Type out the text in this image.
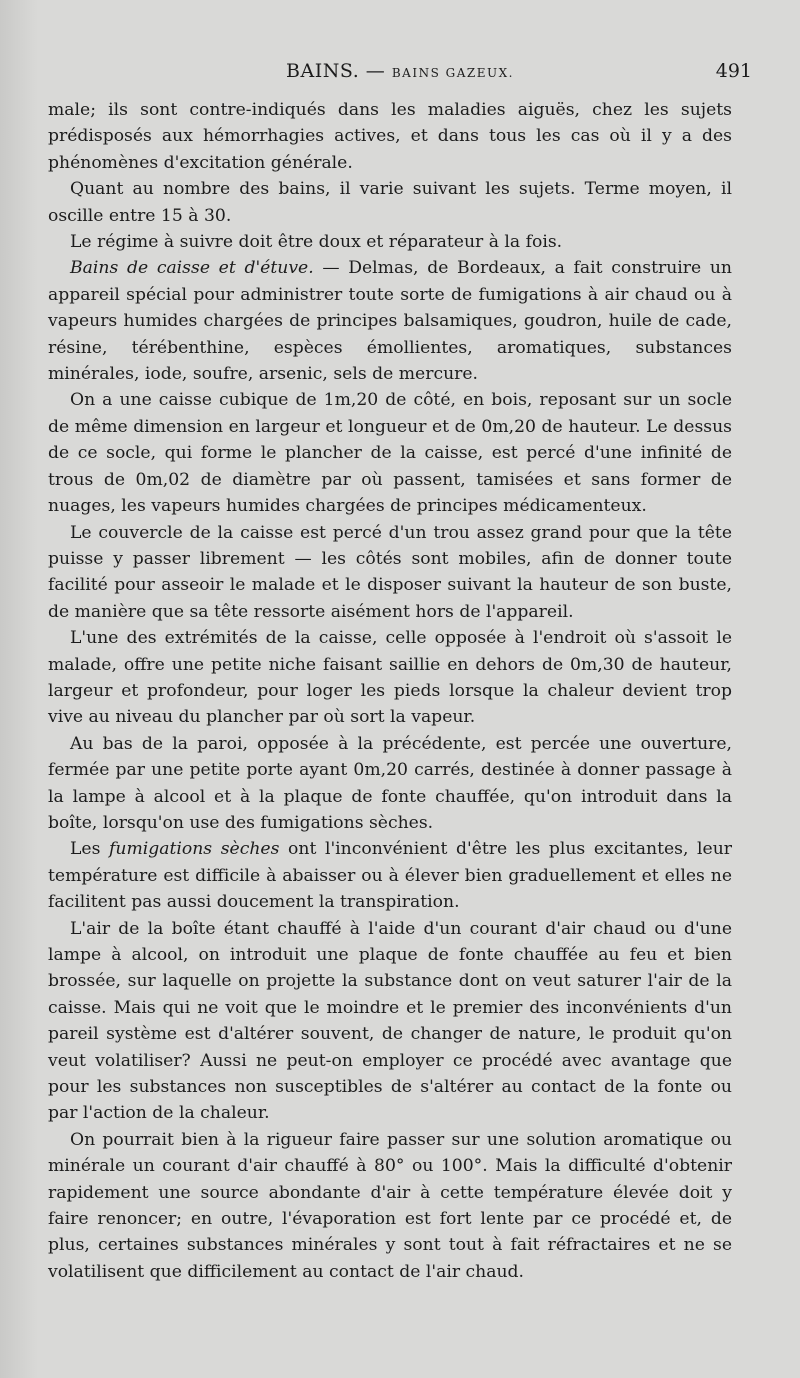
BAINS. — BAINS GAZEUX.	491

male; ils sont contre-indiqués dans les maladies aiguës, chez les sujets prédisposés aux hémorrhagies actives, et dans tous les cas où il y a des phénomènes d'excitation générale.

Quant au nombre des bains, il varie suivant les sujets. Terme moyen, il oscille entre 15 à 30.

Le régime à suivre doit être doux et réparateur à la fois.

Bains de caisse et d'étuve. — Delmas, de Bordeaux, a fait construire un appareil spécial pour administrer toute sorte de fumigations à air chaud ou à vapeurs humides chargées de principes balsamiques, goudron, huile de cade, résine, térébenthine, espèces émollientes, aromatiques, substances minérales, iode, soufre, arsenic, sels de mercure.

On a une caisse cubique de 1m,20 de côté, en bois, reposant sur un socle de même dimension en largeur et longueur et de 0m,20 de hauteur. Le dessus de ce socle, qui forme le plancher de la caisse, est percé d'une infinité de trous de 0m,02 de diamètre par où passent, tamisées et sans former de nuages, les vapeurs humides chargées de principes médicamenteux.

Le couvercle de la caisse est percé d'un trou assez grand pour que la tête puisse y passer librement — les côtés sont mobiles, afin de donner toute facilité pour asseoir le malade et le disposer suivant la hauteur de son buste, de manière que sa tête ressorte aisément hors de l'appareil.

L'une des extrémités de la caisse, celle opposée à l'endroit où s'assoit le malade, offre une petite niche faisant saillie en dehors de 0m,30 de hauteur, largeur et profondeur, pour loger les pieds lorsque la chaleur devient trop vive au niveau du plancher par où sort la vapeur.

Au bas de la paroi, opposée à la précédente, est percée une ouverture, fermée par une petite porte ayant 0m,20 carrés, destinée à donner passage à la lampe à alcool et à la plaque de fonte chauffée, qu'on introduit dans la boîte, lorsqu'on use des fumigations sèches.

Les fumigations sèches ont l'inconvénient d'être les plus excitantes, leur température est difficile à abaisser ou à élever bien graduellement et elles ne facilitent pas aussi doucement la transpiration.

L'air de la boîte étant chauffé à l'aide d'un courant d'air chaud ou d'une lampe à alcool, on introduit une plaque de fonte chauffée au feu et bien brossée, sur laquelle on projette la substance dont on veut saturer l'air de la caisse. Mais qui ne voit que le moindre et le premier des inconvénients d'un pareil système est d'altérer souvent, de changer de nature, le produit qu'on veut volatiliser? Aussi ne peut-on employer ce procédé avec avantage que pour les substances non susceptibles de s'altérer au contact de la fonte ou par l'action de la chaleur.

On pourrait bien à la rigueur faire passer sur une solution aromatique ou minérale un courant d'air chauffé à 80° ou 100°. Mais la difficulté d'obtenir rapidement une source abondante d'air à cette température élevée doit y faire renoncer; en outre, l'évaporation est fort lente par ce procédé et, de plus, certaines substances minérales y sont tout à fait réfractaires et ne se volatilisent que difficilement au contact de l'air chaud.
